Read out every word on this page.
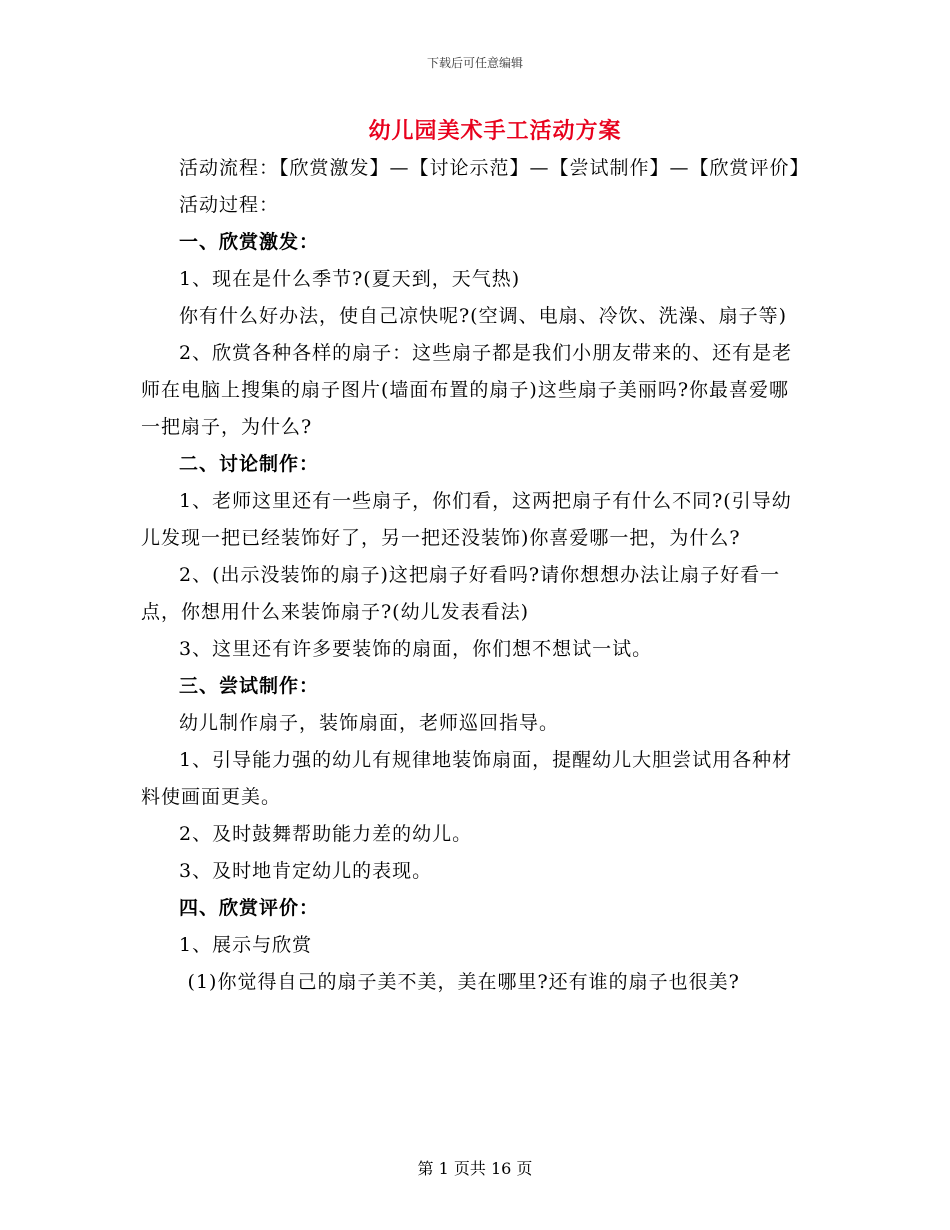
下载后可任意编辑
幼儿园美术手工活动方案

活动流程：【欣赏激发】—【讨论示范】—【尝试制作】—【欣赏评价】

活动过程：

一、欣赏激发：

1、现在是什么季节?(夏天到，天气热)

你有什么好办法，使自己凉快呢?(空调、电扇、冷饮、洗澡、扇子等)

2、欣赏各种各样的扇子：这些扇子都是我们小朋友带来的、还有是老师在电脑上搜集的扇子图片(墙面布置的扇子)这些扇子美丽吗?你最喜爱哪一把扇子，为什么?

二、讨论制作：

1、老师这里还有一些扇子，你们看，这两把扇子有什么不同?(引导幼儿发现一把已经装饰好了，另一把还没装饰)你喜爱哪一把，为什么?

2、(出示没装饰的扇子)这把扇子好看吗?请你想想办法让扇子好看一点，你想用什么来装饰扇子?(幼儿发表看法)

3、这里还有许多要装饰的扇面，你们想不想试一试。

三、尝试制作：

幼儿制作扇子，装饰扇面，老师巡回指导。

1、引导能力强的幼儿有规律地装饰扇面，提醒幼儿大胆尝试用各种材料使画面更美。

2、及时鼓舞帮助能力差的幼儿。

3、及时地肯定幼儿的表现。

四、欣赏评价：

1、展示与欣赏

(1)你觉得自己的扇子美不美，美在哪里?还有谁的扇子也很美?

第 1 页共 16 页
